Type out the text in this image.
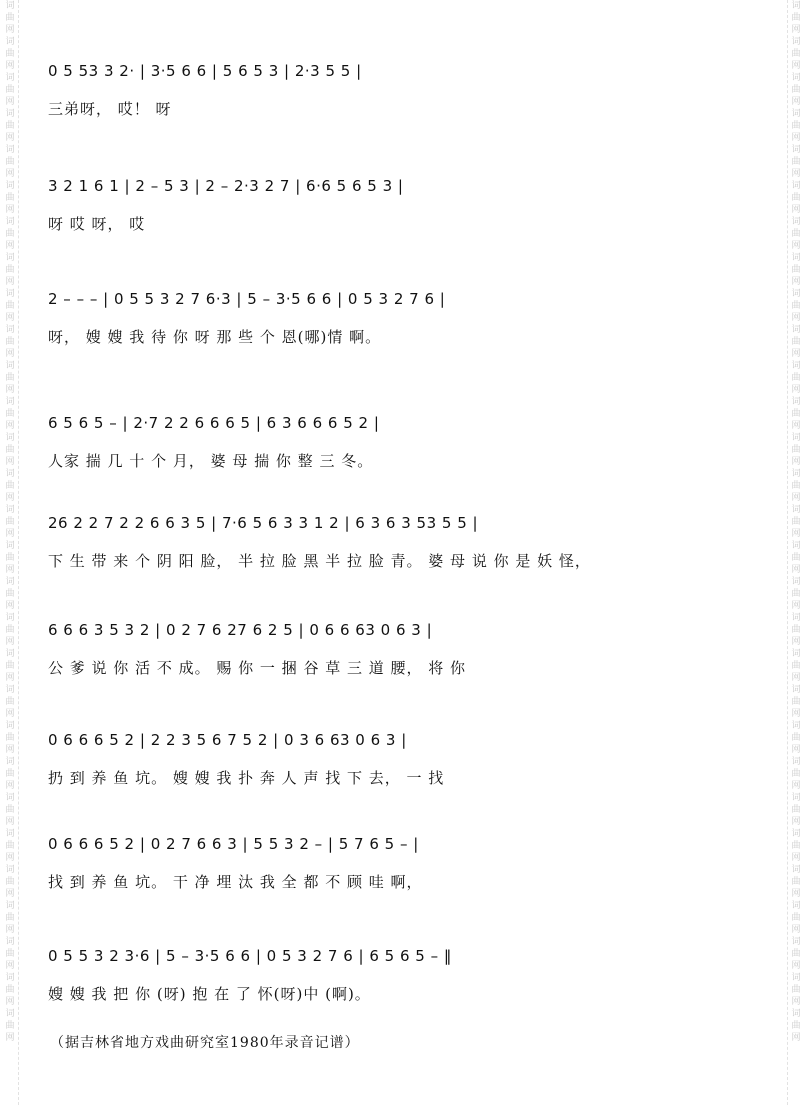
词曲网词曲网词曲网词曲网词曲网词曲网词曲网词曲网词曲网词曲网词曲网词曲网词曲网词曲网词曲网词曲网词曲网词曲网词曲网词曲网词曲网词曲网词曲网词曲网词曲网词曲网词曲网词曲网词曲网
词曲网词曲网词曲网词曲网词曲网词曲网词曲网词曲网词曲网词曲网词曲网词曲网词曲网词曲网词曲网词曲网词曲网词曲网词曲网词曲网词曲网词曲网词曲网词曲网词曲网词曲网词曲网词曲网词曲网
0 5 53 3 2· | 3·5 6 6 | 5 6 5 3 | 2·3 5 5 |
三弟呀， 哎！ 呀
3 2 1 6 1 | 2 – 5 3 | 2 – 2·3 2 7 | 6·6 5 6 5 3 |
呀 哎 呀， 哎
2 – – – | 0 5 5 3 2 7 6·3 | 5 – 3·5 6 6 | 0 5 3 2 7 6 |
呀， 嫂 嫂 我 待 你 呀 那 些 个 恩(哪)情 啊。
6 5 6 5 – | 2·7 2 2 6 6 6 5 | 6 3 6 6 6 5 2 |
人家 揣 几 十 个 月， 婆 母 揣 你 整 三 冬。
26 2 2 7 2 2 6 6 3 5 | 7·6 5 6 3 3 1 2 | 6 3 6 3 53 5 5 |
下 生 带 来 个 阴 阳 脸， 半 拉 脸 黑 半 拉 脸 青。 婆 母 说 你 是 妖 怪，
6 6 6 3 5 3 2 | 0 2 7 6 27 6 2 5 | 0 6 6 63 0 6 3 |
公 爹 说 你 活 不 成。 赐 你 一 捆 谷 草 三 道 腰， 将 你
0 6 6 6 5 2 | 2 2 3 5 6 7 5 2 | 0 3 6 63 0 6 3 |
扔 到 养 鱼 坑。 嫂 嫂 我 扑 奔 人 声 找 下 去， 一 找
0 6 6 6 5 2 | 0 2 7 6 6 3 | 5 5 3 2 – | 5 7 6 5 – |
找 到 养 鱼 坑。 干 净 埋 汰 我 全 都 不 顾 哇 啊，
0 5 5 3 2 3·6 | 5 – 3·5 6 6 | 0 5 3 2 7 6 | 6 5 6 5 – ‖
嫂 嫂 我 把 你 (呀) 抱 在 了 怀(呀)中 (啊)。
（据吉林省地方戏曲研究室1980年录音记谱）
